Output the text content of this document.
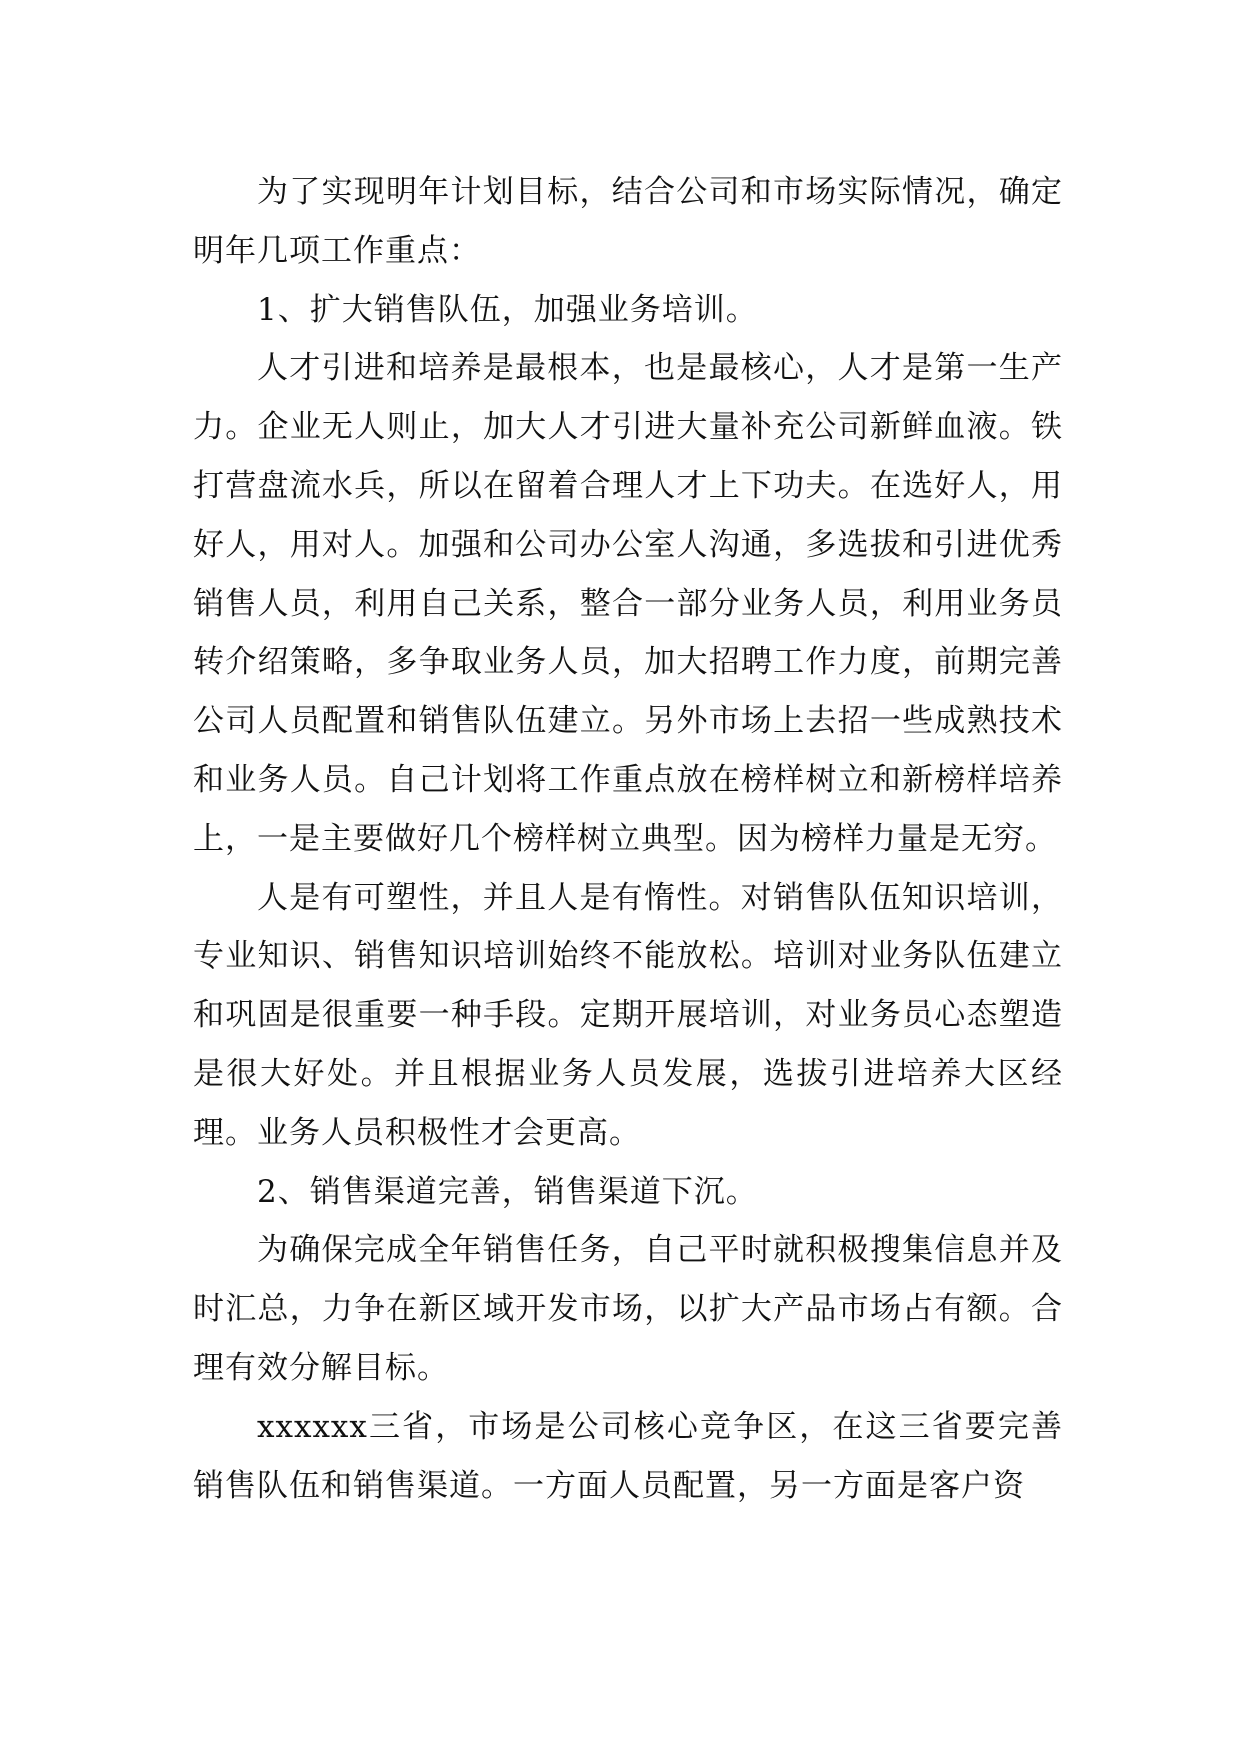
为了实现明年计划目标，结合公司和市场实际情况，确定明年几项工作重点：

1、扩大销售队伍，加强业务培训。

人才引进和培养是最根本，也是最核心，人才是第一生产力。企业无人则止，加大人才引进大量补充公司新鲜血液。铁打营盘流水兵，所以在留着合理人才上下功夫。在选好人，用好人，用对人。加强和公司办公室人沟通，多选拔和引进优秀销售人员，利用自己关系，整合一部分业务人员，利用业务员转介绍策略，多争取业务人员，加大招聘工作力度，前期完善公司人员配置和销售队伍建立。另外市场上去招一些成熟技术和业务人员。自己计划将工作重点放在榜样树立和新榜样培养上，一是主要做好几个榜样树立典型。因为榜样力量是无穷。

人是有可塑性，并且人是有惰性。对销售队伍知识培训，专业知识、销售知识培训始终不能放松。培训对业务队伍建立和巩固是很重要一种手段。定期开展培训，对业务员心态塑造是很大好处。并且根据业务人员发展，选拔引进培养大区经理。业务人员积极性才会更高。

2、销售渠道完善，销售渠道下沉。

为确保完成全年销售任务，自己平时就积极搜集信息并及时汇总，力争在新区域开发市场，以扩大产品市场占有额。合理有效分解目标。

xxxxxx三省，市场是公司核心竞争区，在这三省要完善销售队伍和销售渠道。一方面人员配置，另一方面是客户资
